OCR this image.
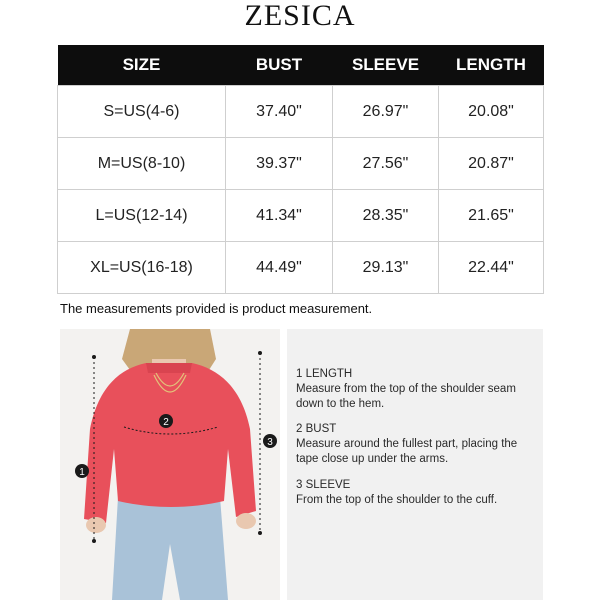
ZESICA
SIZE	BUST	SLEEVE	LENGTH
S=US(4-6)	37.40"	26.97"	20.08"
M=US(8-10)	39.37"	27.56"	20.87"
L=US(12-14)	41.34"	28.35"	21.65"
XL=US(16-18)	44.49"	29.13"	22.44"
The measurements provided is product measurement.
1
2
3
1 LENGTH
Measure from the top of the shoulder seam down to the hem.
2 BUST
Measure around the fullest part, placing the tape close up under the arms.
3 SLEEVE
From the top of the shoulder to the cuff.
